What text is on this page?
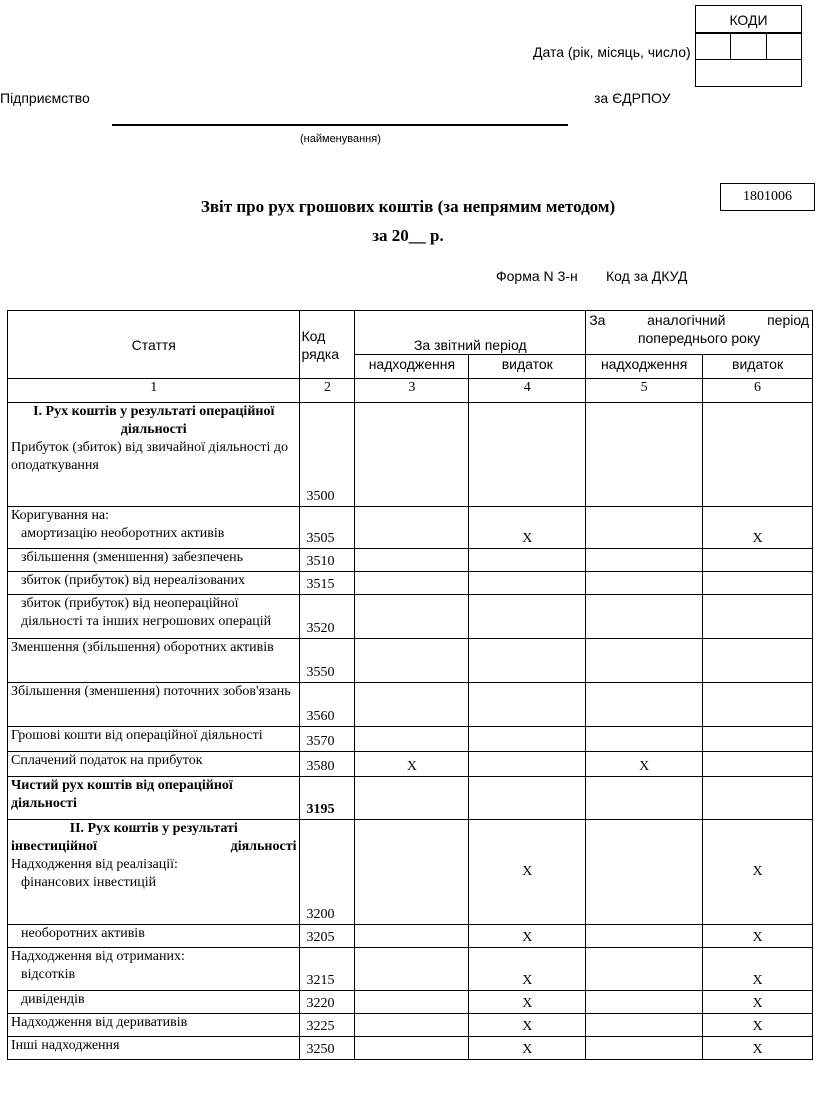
КОДИ
Дата (рік, місяць, число)
Підприємство	за ЄДРПОУ
(найменування)
1801006
Звіт про рух грошових коштів (за непрямим методом)
за 20__ р.
Форма N 3-н Код за ДКУД
Стаття	Код рядка	За звітний період		За аналогічний період попереднього року	
		надходження	видаток	надходження	видаток
1	2	3	4	5	6

I. Рух коштів у результаті операційної діяльності
Прибуток (збиток) від звичайної діяльності до оподаткування	3500				

Коригування на:
амортизацію необоротних активів	3505		X		X

збільшення (зменшення) забезпечень	3510				

збиток (прибуток) від нереалізованих	3515				

збиток (прибуток) від неопераційної діяльності та інших негрошових операцій	3520				
Зменшення (збільшення) оборотних активів	3550				
Збільшення (зменшення) поточних зобов'язань	3560				
Грошові кошти від операційної діяльності	3570				
Сплачений податок на прибуток	3580	X		X	
Чистий рух коштів від операційної діяльності	3195				

II. Рух коштів у результаті
інвестиційної діяльності
Надходження від реалізації:
фінансових інвестицій	3200		X		X

необоротних активів	3205		X		X

Надходження від отриманих:
відсотків	3215		X		X

дивідендів	3220		X		X
Надходження від деривативів	3225		X		X
Інші надходження	3250		X		X
